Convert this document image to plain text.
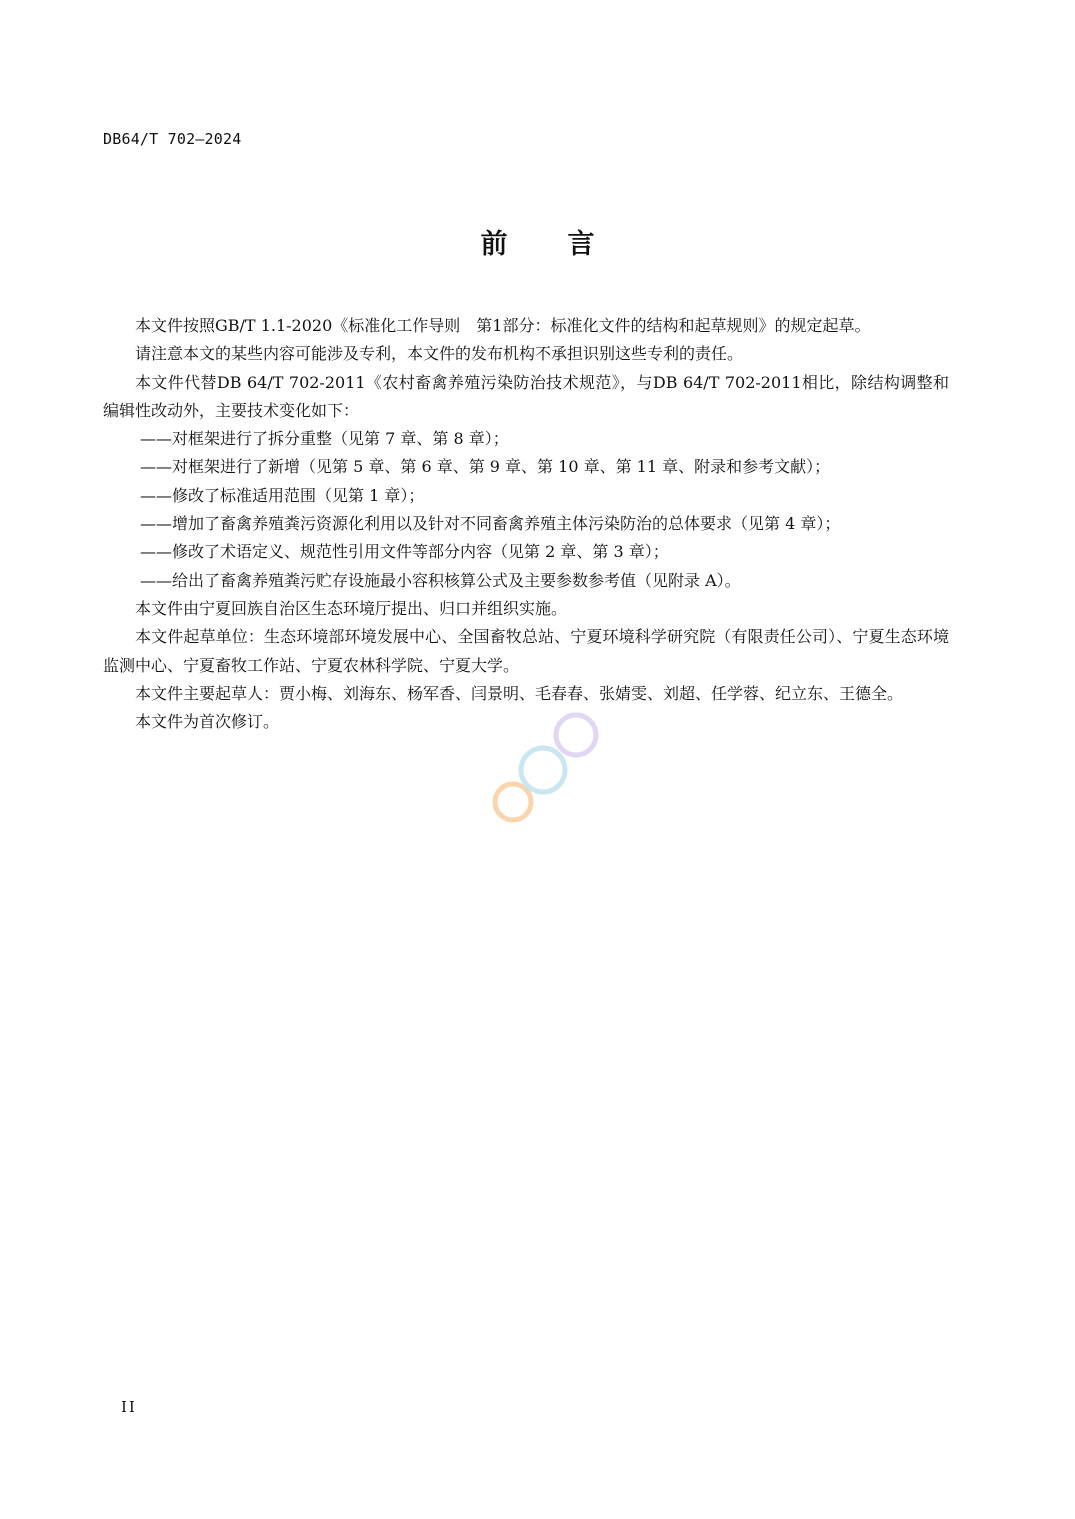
DB64/T 702—2024
前 言

本文件按照GB/T 1.1-2020《标准化工作导则　第1部分：标准化文件的结构和起草规则》的规定起草。

请注意本文的某些内容可能涉及专利，本文件的发布机构不承担识别这些专利的责任。

本文件代替DB 64/T 702-2011《农村畜禽养殖污染防治技术规范》，与DB 64/T 702-2011相比，除结构调整和编辑性改动外，主要技术变化如下：

——对框架进行了拆分重整（见第 7 章、第 8 章）；

——对框架进行了新增（见第 5 章、第 6 章、第 9 章、第 10 章、第 11 章、附录和参考文献）；

——修改了标准适用范围（见第 1 章）；

——增加了畜禽养殖粪污资源化利用以及针对不同畜禽养殖主体污染防治的总体要求（见第 4 章）；

——修改了术语定义、规范性引用文件等部分内容（见第 2 章、第 3 章）；

——给出了畜禽养殖粪污贮存设施最小容积核算公式及主要参数参考值（见附录 A）。

本文件由宁夏回族自治区生态环境厅提出、归口并组织实施。

本文件起草单位：生态环境部环境发展中心、全国畜牧总站、宁夏环境科学研究院（有限责任公司）、宁夏生态环境监测中心、宁夏畜牧工作站、宁夏农林科学院、宁夏大学。

本文件主要起草人：贾小梅、刘海东、杨军香、闫景明、毛春春、张婧雯、刘超、任学蓉、纪立东、王德全。

本文件为首次修订。

II
